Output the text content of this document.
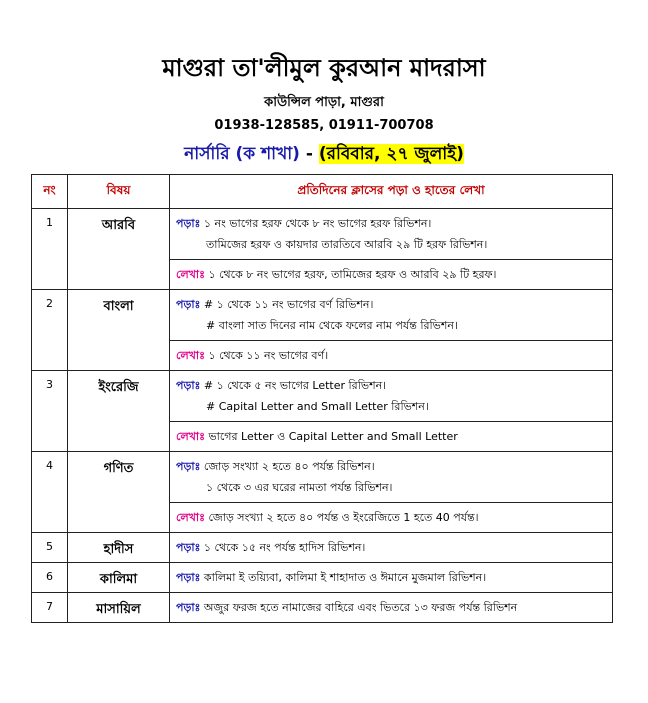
মাগুরা তা'লীমুল কুরআন মাদরাসা
কাউন্সিল পাড়া, মাগুরা
01938-128585, 01911-700708
নার্সারি (ক শাখা) - (রবিবার, ২৭ জুলাই)
নং	বিষয়	প্রতিদিনের ক্লাসের পড়া ও হাতের লেখা
1	আরবি	পড়াঃ ১ নং ভাগের হরফ থেকে ৮ নং ভাগের হরফ রিভিশন।
তামিজের হরফ ও কায়দার তারতিবে আরবি ২৯ টি হরফ রিভিশন।

		লেখাঃ ১ থেকে ৮ নং ভাগের হরফ, তামিজের হরফ ও আরবি ২৯ টি হরফ।
2	বাংলা	পড়াঃ # ১ থেকে ১১ নং ভাগের বর্ণ রিভিশন।
# বাংলা সাত দিনের নাম থেকে ফলের নাম পর্যন্ত রিভিশন।

		লেখাঃ ১ থেকে ১১ নং ভাগের বর্ণ।
3	ইংরেজি	পড়াঃ # ১ থেকে ৫ নং ভাগের Letter রিভিশন।
# Capital Letter and Small Letter রিভিশন।

		লেখাঃ ভাগের Letter ও Capital Letter and Small Letter
4	গণিত	পড়াঃ জোড় সংখ্যা ২ হতে ৪০ পর্যন্ত রিভিশন।
১ থেকে ৩ এর ঘরের নামতা পর্যন্ত রিভিশন।

		লেখাঃ জোড় সংখ্যা ২ হতে ৪০ পর্যন্ত ও ইংরেজিতে 1 হতে 40 পর্যন্ত।
5	হাদীস	পড়াঃ ১ থেকে ১৫ নং পর্যন্ত হাদিস রিভিশন।
6	কালিমা	পড়াঃ কালিমা ই তয়্যিবা, কালিমা ই শাহাদাত ও ঈমানে মুজমাল রিভিশন।
7	মাসায়িল	পড়াঃ অজুর ফরজ হতে নামাজের বাহিরে এবং ভিতরে ১৩ ফরজ পর্যন্ত রিভিশন
